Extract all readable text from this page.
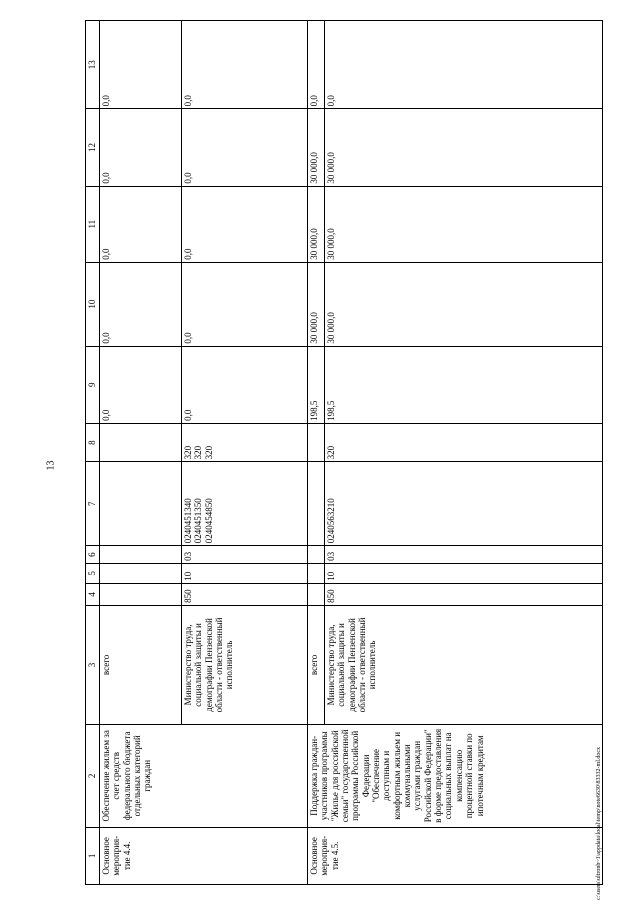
13
c:\users\ultronb~1\appdata\local\temp\note6630\83332-ml.docx
1	2	3	4	5	6	7	8	9	10	11	12	13
Основное мероприя-тие 4.4.	Обеспечение жильем за счет средств федерального бюджета отдельных категорий граждан	всего						0,0	0,0	0,0	0,0	0,0
		Министерство труда, социальной защиты и демографии Пензенской области - ответственный исполнитель	850	10	03	0240451340 0240451350 0240454850	320 320 320	0,0	0,0	0,0	0,0	0,0
Основное мероприя-тие 4.5.	Поддержка граждан-участников программы "Жилье для российской семьи" государственной программы Российской Федерации "Обеспечение доступным и комфортным жильем и коммунальными услугами граждан Российской Федерации" в форме предоставления социальных выплат на компенсацию процентной ставки по ипотечным кредитам	всего						198,5	30 000,0	30 000,0	30 000,0	0,0
		Министерство труда, социальной защиты и демографии Пензенской области - ответственный исполнитель	850	10	03	0240563210	320	198,5	30 000,0	30 000,0	30 000,0	0,0
